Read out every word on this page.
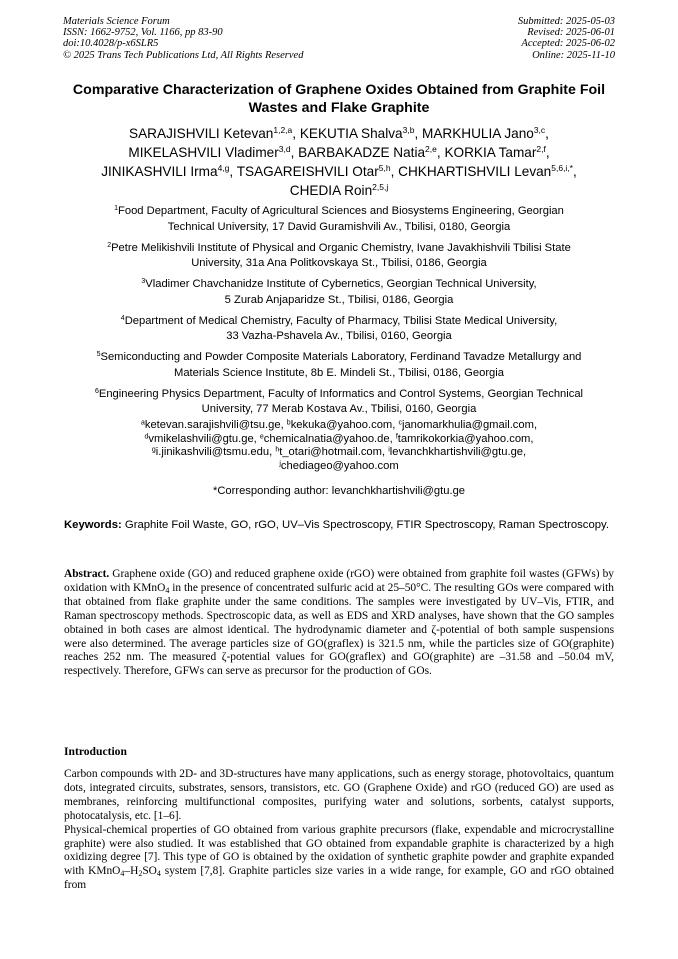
Materials Science Forum
ISSN: 1662-9752, Vol. 1166, pp 83-90
doi:10.4028/p-x6SLR5
© 2025 Trans Tech Publications Ltd, All Rights Reserved
Submitted: 2025-05-03
Revised: 2025-06-01
Accepted: 2025-06-02
Online: 2025-11-10
Comparative Characterization of Graphene Oxides Obtained from Graphite Foil Wastes and Flake Graphite
SARAJISHVILI Ketevan$^{1,2,a}$, KEKUTIA Shalva$^{3,b}$, MARKHULIA Jano$^{3,c}$,
MIKELASHVILI Vladimer$^{3,d}$, BARBAKADZE Natia$^{2,e}$, KORKIA Tamar$^{2,f}$,
JINIKASHVILI Irma$^{4,g}$, TSAGAREISHVILI Otar$^{5,h}$, CHKHARTISHVILI Levan$^{5,6,i,*}$,
CHEDIA Roin$^{2,5,j}$
$^1$Food Department, Faculty of Agricultural Sciences and Biosystems Engineering, Georgian
Technical University, 17 David Guramishvili Av., Tbilisi, 0180, Georgia
$^2$Petre Melikishvili Institute of Physical and Organic Chemistry, Ivane Javakhishvili Tbilisi State
University, 31a Ana Politkovskaya St., Tbilisi, 0186, Georgia
$^3$Vladimer Chavchanidze Institute of Cybernetics, Georgian Technical University,
5 Zurab Anjaparidze St., Tbilisi, 0186, Georgia
$^4$Department of Medical Chemistry, Faculty of Pharmacy, Tbilisi State Medical University,
33 Vazha-Pshavela Av., Tbilisi, 0160, Georgia
$^5$Semiconducting and Powder Composite Materials Laboratory, Ferdinand Tavadze Metallurgy and
Materials Science Institute, 8b E. Mindeli St., Tbilisi, 0186, Georgia
$^6$Engineering Physics Department, Faculty of Informatics and Control Systems, Georgian Technical
University, 77 Merab Kostava Av., Tbilisi, 0160, Georgia
$^a$ketevan.sarajishvili@tsu.ge, $^b$kekuka@yahoo.com, $^c$janomarkhulia@gmail.com,
$^d$vmikelashvili@gtu.ge, $^e$chemicalnatia@yahoo.de, $^f$tamrikokorkia@yahoo.com,
$^g$i.jinikashvili@tsmu.edu, $^h$t_otari@hotmail.com, $^i$levanchkhartishvili@gtu.ge,
$^j$chediageo@yahoo.com
*Corresponding author: levanchkhartishvili@gtu.ge
Keywords: Graphite Foil Waste, GO, rGO, UV–Vis Spectroscopy, FTIR Spectroscopy, Raman Spectroscopy.
Abstract. Graphene oxide (GO) and reduced graphene oxide (rGO) were obtained from graphite foil wastes (GFWs) by oxidation with KMnO$_4$ in the presence of concentrated sulfuric acid at 25–50°C. The resulting GOs were compared with that obtained from flake graphite under the same conditions. The samples were investigated by UV–Vis, FTIR, and Raman spectroscopy methods. Spectroscopic data, as well as EDS and XRD analyses, have shown that the GO samples obtained in both cases are almost identical. The hydrodynamic diameter and ζ-potential of both sample suspensions were also determined. The average particles size of GO(graflex) is 321.5 nm, while the particles size of GO(graphite) reaches 252 nm. The measured ζ-potential values for GO(graflex) and GO(graphite) are –31.58 and –50.04 mV, respectively. Therefore, GFWs can serve as precursor for the production of GOs.
Introduction

Carbon compounds with 2D- and 3D-structures have many applications, such as energy storage, photovoltaics, quantum dots, integrated circuits, substrates, sensors, transistors, etc. GO (Graphene Oxide) and rGO (reduced GO) are used as membranes, reinforcing multifunctional composites, purifying water and solutions, sorbents, catalyst supports, photocatalysis, etc. [1–6].

Physical-chemical properties of GO obtained from various graphite precursors (flake, expendable and microcrystalline graphite) were also studied. It was established that GO obtained from expandable graphite is characterized by a high oxidizing degree [7]. This type of GO is obtained by the oxidation of synthetic graphite powder and graphite expanded with $KMnO_4-H_2SO_4$ system [7,8]. Graphite particles size varies in a wide range, for example, GO and rGO obtained from
